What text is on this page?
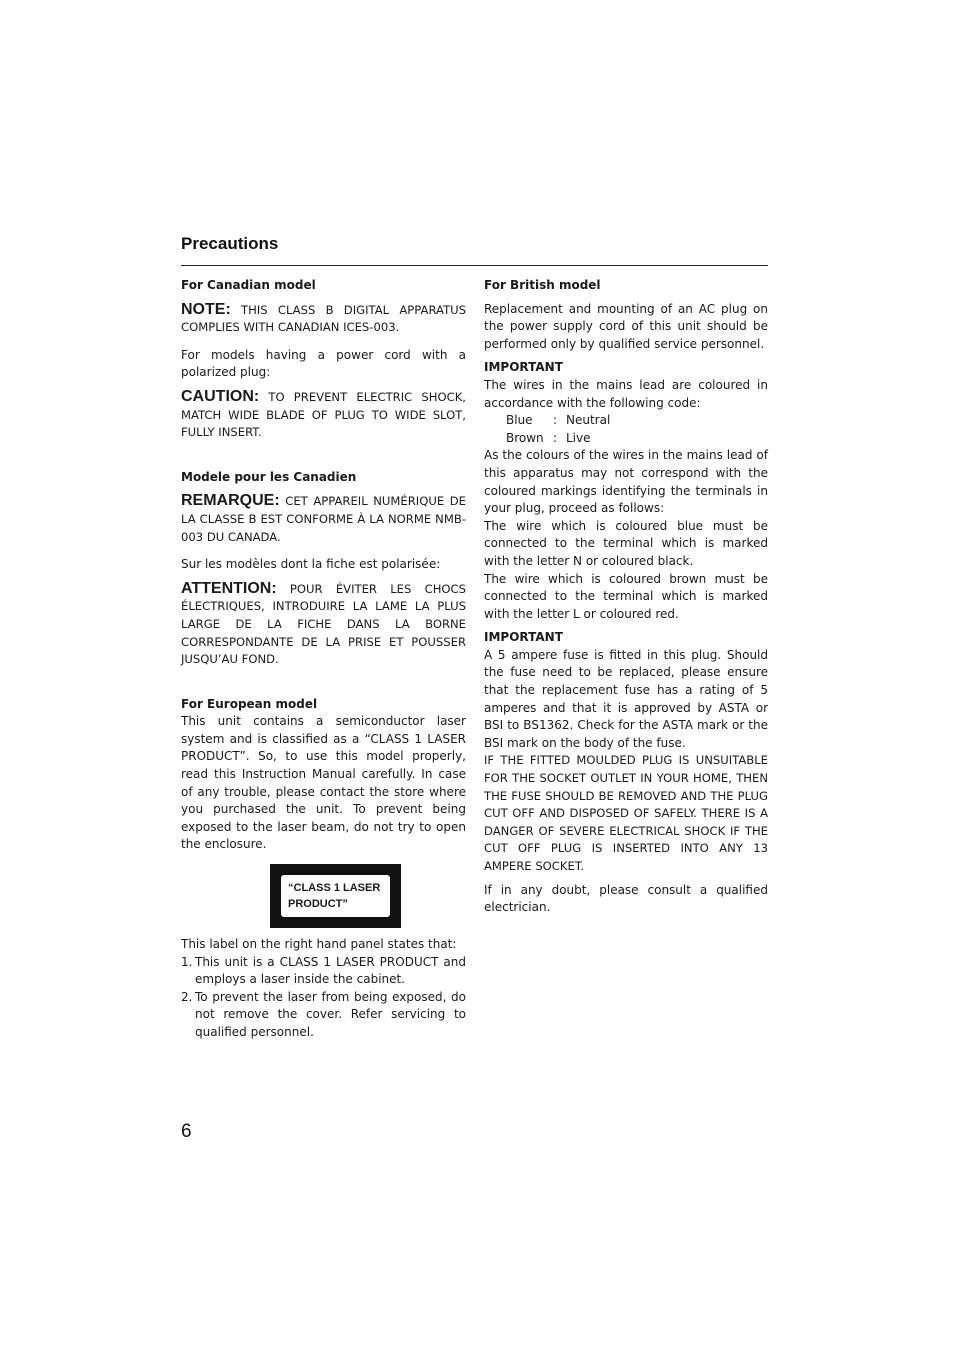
Precautions

For Canadian model

NOTE: THIS CLASS B DIGITAL APPARATUS COMPLIES WITH CANADIAN ICES-003.

For models having a power cord with a polarized plug:

CAUTION: TO PREVENT ELECTRIC SHOCK, MATCH WIDE BLADE OF PLUG TO WIDE SLOT, FULLY INSERT.

Modele pour les Canadien

REMARQUE: CET APPAREIL NUMÉRIQUE DE LA CLASSE B EST CONFORME À LA NORME NMB-003 DU CANADA.

Sur les modèles dont la fiche est polarisée:

ATTENTION: POUR ÉVITER LES CHOCS ÉLECTRIQUES, INTRODUIRE LA LAME LA PLUS LARGE DE LA FICHE DANS LA BORNE CORRESPONDANTE DE LA PRISE ET POUSSER JUSQU’AU FOND.

For European model

This unit contains a semiconductor laser system and is classified as a “CLASS 1 LASER PRODUCT”. So, to use this model properly, read this Instruction Manual carefully. In case of any trouble, please contact the store where you purchased the unit. To prevent being exposed to the laser beam, do not try to open the enclosure.

“CLASS 1 LASER
PRODUCT”

This label on the right hand panel states that:

1. This unit is a CLASS 1 LASER PRODUCT and employs a laser inside the cabinet.
2. To prevent the laser from being exposed, do not remove the cover. Refer servicing to qualified personnel.

For British model

Replacement and mounting of an AC plug on the power supply cord of this unit should be performed only by qualified service personnel.

IMPORTANT

The wires in the mains lead are coloured in accordance with the following code:

Blue	: Neutral
Brown : Live

As the colours of the wires in the mains lead of this apparatus may not correspond with the coloured markings identifying the terminals in your plug, proceed as follows:

The wire which is coloured blue must be connected to the terminal which is marked with the letter N or coloured black.

The wire which is coloured brown must be connected to the terminal which is marked with the letter L or coloured red.

IMPORTANT

A 5 ampere fuse is fitted in this plug. Should the fuse need to be replaced, please ensure that the replacement fuse has a rating of 5 amperes and that it is approved by ASTA or BSI to BS1362. Check for the ASTA mark or the BSI mark on the body of the fuse.

IF THE FITTED MOULDED PLUG IS UNSUITABLE FOR THE SOCKET OUTLET IN YOUR HOME, THEN THE FUSE SHOULD BE REMOVED AND THE PLUG CUT OFF AND DISPOSED OF SAFELY. THERE IS A DANGER OF SEVERE ELECTRICAL SHOCK IF THE CUT OFF PLUG IS INSERTED INTO ANY 13 AMPERE SOCKET.

If in any doubt, please consult a qualified electrician.

6
